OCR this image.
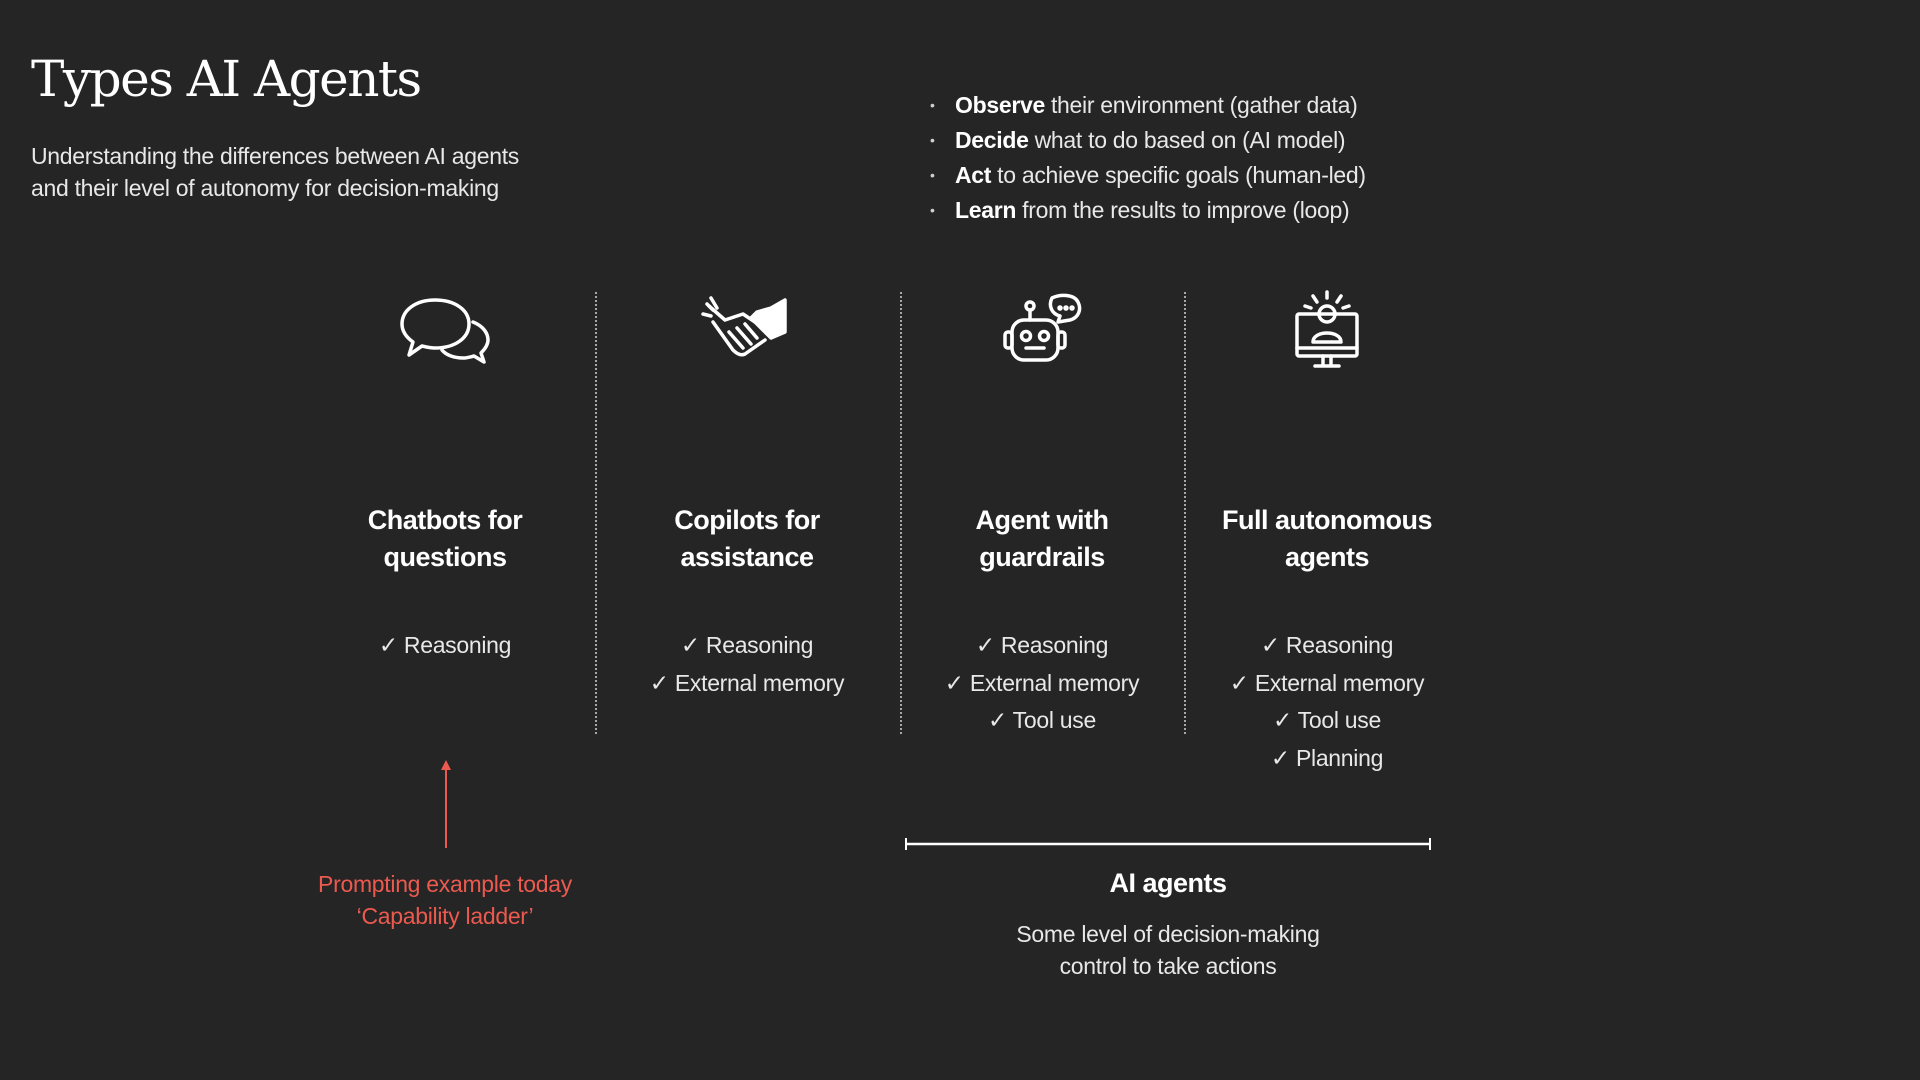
Types AI Agents
Understanding the differences between AI agents
and their level of autonomy for decision-making
• Observe their environment (gather data)
• Decide what to do based on (AI model)
• Act to achieve specific goals (human-led)
• Learn from the results to improve (loop)
Chatbots for
questions
✓ Reasoning
Copilots for
assistance
✓ Reasoning
✓ External memory
Agent with
guardrails
✓ Reasoning
✓ External memory
✓ Tool use
Full autonomous
agents
✓ Reasoning
✓ External memory
✓ Tool use
✓ Planning
Prompting example today
‘Capability ladder’
AI agents
Some level of decision-making
control to take actions
